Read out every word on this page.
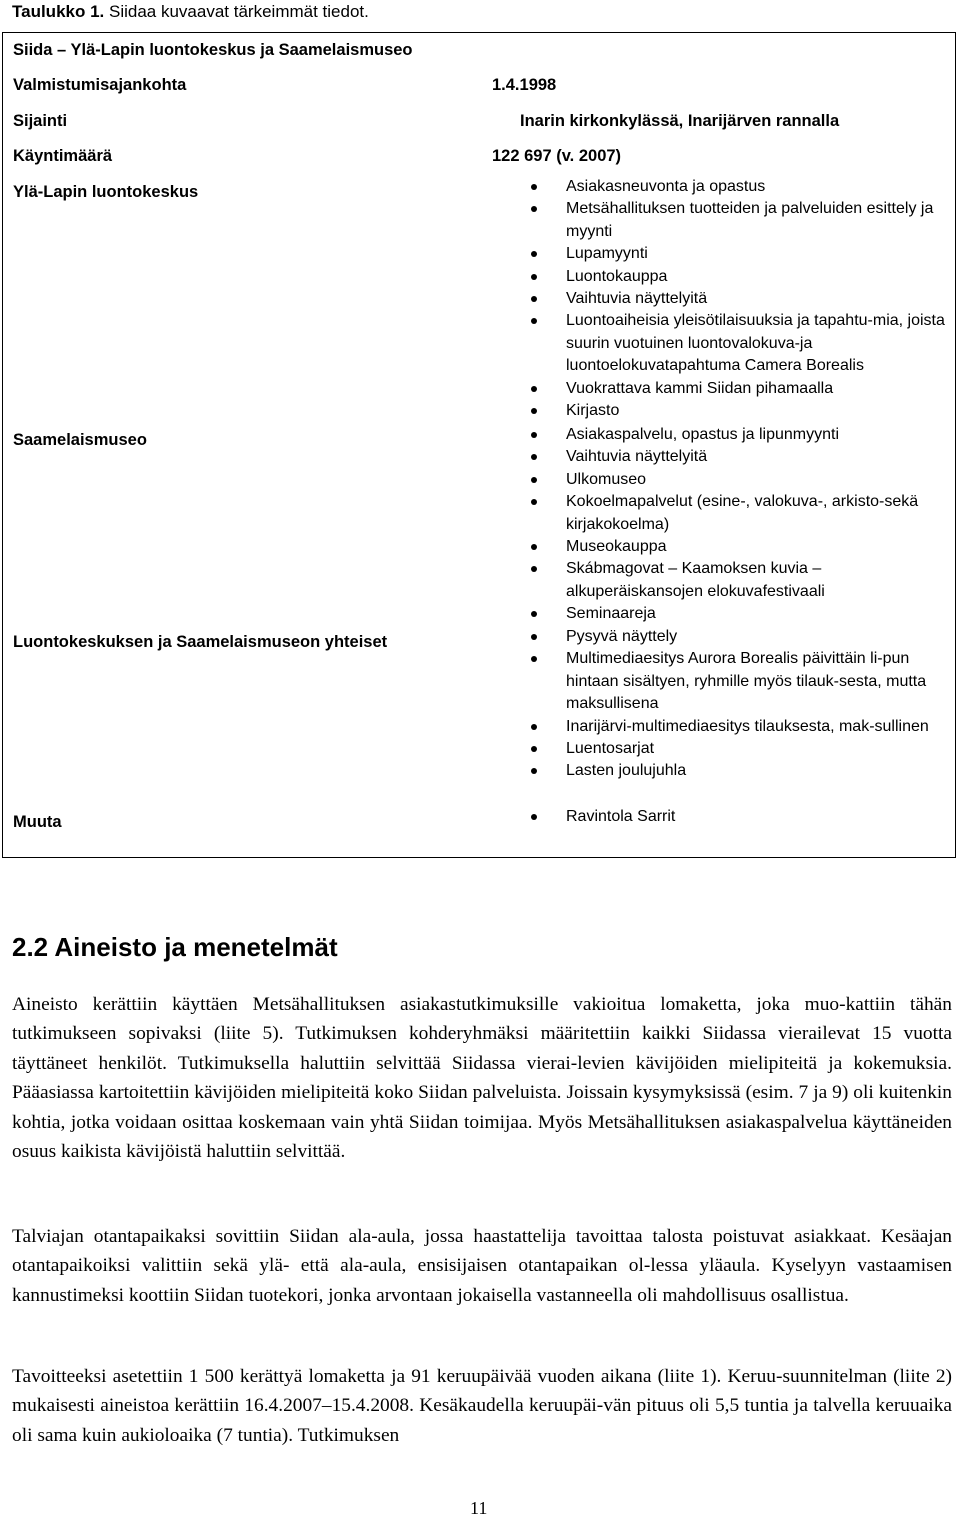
Taulukko 1. Siidaa kuvaavat tärkeimmät tiedot.
Siida – Ylä-Lapin luontokeskus ja Saamelaismuseo
Valmistumisajankohta	1.4.1998
Sijainti	Inarin kirkonkylässä, Inarijärven rannalla
Käyntimäärä	122 697 (v. 2007)
Ylä-Lapin luontokeskus	Asiakasneuvonta ja opastus
Metsähallituksen tuotteiden ja palveluiden esittely ja myynti
Lupamyynti
Luontokauppa
Vaihtuvia näyttelyitä
Luontoaiheisia yleisötilaisuuksia ja tapahtu-mia, joista suurin vuotuinen luontovalokuva-ja luontoelokuvatapahtuma Camera Borealis
Vuokrattava kammi Siidan pihamaalla
Kirjasto
Saamelaismuseo	Asiakaspalvelu, opastus ja lipunmyynti
Vaihtuvia näyttelyitä
Ulkomuseo
Kokoelmapalvelut (esine-, valokuva-, arkisto-sekä kirjakokoelma)
Museokauppa
Skábmagovat – Kaamoksen kuvia – alkuperäiskansojen elokuvafestivaali
Seminaareja
Luontokeskuksen ja Saamelaismuseon yhteiset	Pysyvä näyttely
Multimediaesitys Aurora Borealis päivittäin li-pun hintaan sisältyen, ryhmille myös tilauk-sesta, mutta maksullisena
Inarijärvi-multimediaesitys tilauksesta, mak-sullinen
Luentosarjat
Lasten joulujuhla
Muuta	Ravintola Sarrit
2.2 Aineisto ja menetelmät

Aineisto kerättiin käyttäen Metsähallituksen asiakastutkimuksille vakioitua lomaketta, joka muo-kattiin tähän tutkimukseen sopivaksi (liite 5). Tutkimuksen kohderyhmäksi määritettiin kaikki Siidassa vierailevat 15 vuotta täyttäneet henkilöt. Tutkimuksella haluttiin selvittää Siidassa vierai-levien kävijöiden mielipiteitä ja kokemuksia. Pääasiassa kartoitettiin kävijöiden mielipiteitä koko Siidan palveluista. Joissain kysymyksissä (esim. 7 ja 9) oli kuitenkin kohtia, jotka voidaan osittaa koskemaan vain yhtä Siidan toimijaa. Myös Metsähallituksen asiakaspalvelua käyttäneiden osuus kaikista kävijöistä haluttiin selvittää.

Talviajan otantapaikaksi sovittiin Siidan ala-aula, jossa haastattelija tavoittaa talosta poistuvat asiakkaat. Kesäajan otantapaikoiksi valittiin sekä ylä- että ala-aula, ensisijaisen otantapaikan ol-lessa yläaula. Kyselyyn vastaamisen kannustimeksi koottiin Siidan tuotekori, jonka arvontaan jokaisella vastanneella oli mahdollisuus osallistua.

Tavoitteeksi asetettiin 1 500 kerättyä lomaketta ja 91 keruupäivää vuoden aikana (liite 1). Keruu-suunnitelman (liite 2) mukaisesti aineistoa kerättiin 16.4.2007–15.4.2008. Kesäkaudella keruupäi-vän pituus oli 5,5 tuntia ja talvella keruuaika oli sama kuin aukioloaika (7 tuntia). Tutkimuksen

11
